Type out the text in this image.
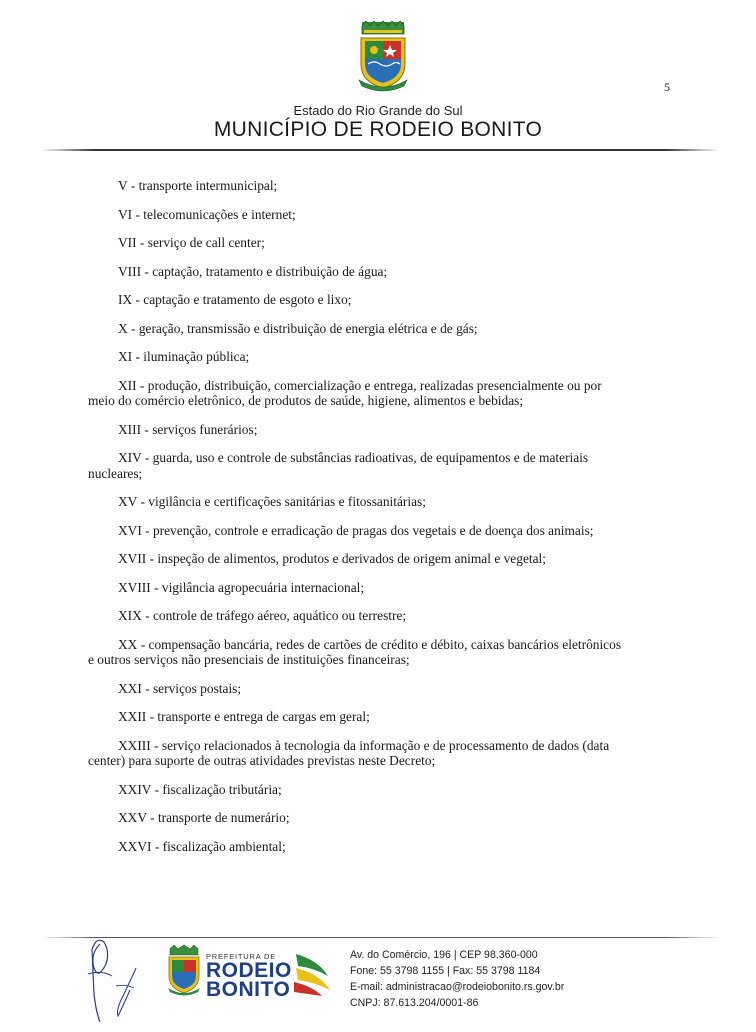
5
Estado do Rio Grande do Sul
MUNICÍPIO DE RODEIO BONITO
V - transporte intermunicipal;
VI - telecomunicações e internet;
VII - serviço de call center;
VIII - captação, tratamento e distribuição de água;
IX - captação e tratamento de esgoto e lixo;
X - geração, transmissão e distribuição de energia elétrica e de gás;
XI - iluminação pública;
XII - produção, distribuição, comercialização e entrega, realizadas presencialmente ou por
meio do comércio eletrônico, de produtos de saúde, higiene, alimentos e bebidas;
XIII - serviços funerários;
XIV - guarda, uso e controle de substâncias radioativas, de equipamentos e de materiais
nucleares;
XV - vigilância e certificações sanitárias e fitossanitárias;
XVI - prevenção, controle e erradicação de pragas dos vegetais e de doença dos animais;
XVII - inspeção de alimentos, produtos e derivados de origem animal e vegetal;
XVIII - vigilância agropecuária internacional;
XIX - controle de tráfego aéreo, aquático ou terrestre;
XX - compensação bancária, redes de cartões de crédito e débito, caixas bancários eletrônicos
e outros serviços não presenciais de instituições financeiras;
XXI - serviços postais;
XXII - transporte e entrega de cargas em geral;
XXIII - serviço relacionados à tecnologia da informação e de processamento de dados (data
center) para suporte de outras atividades previstas neste Decreto;
XXIV - fiscalização tributária;
XXV - transporte de numerário;
XXVI - fiscalização ambiental;
PREFEITURA DE
RODEIO
BONITO
Av. do Comércio, 196 | CEP 98.360-000
Fone: 55 3798 1155 | Fax: 55 3798 1184
E-mail: administracao@rodeiobonito.rs.gov.br
CNPJ: 87.613.204/0001-86
